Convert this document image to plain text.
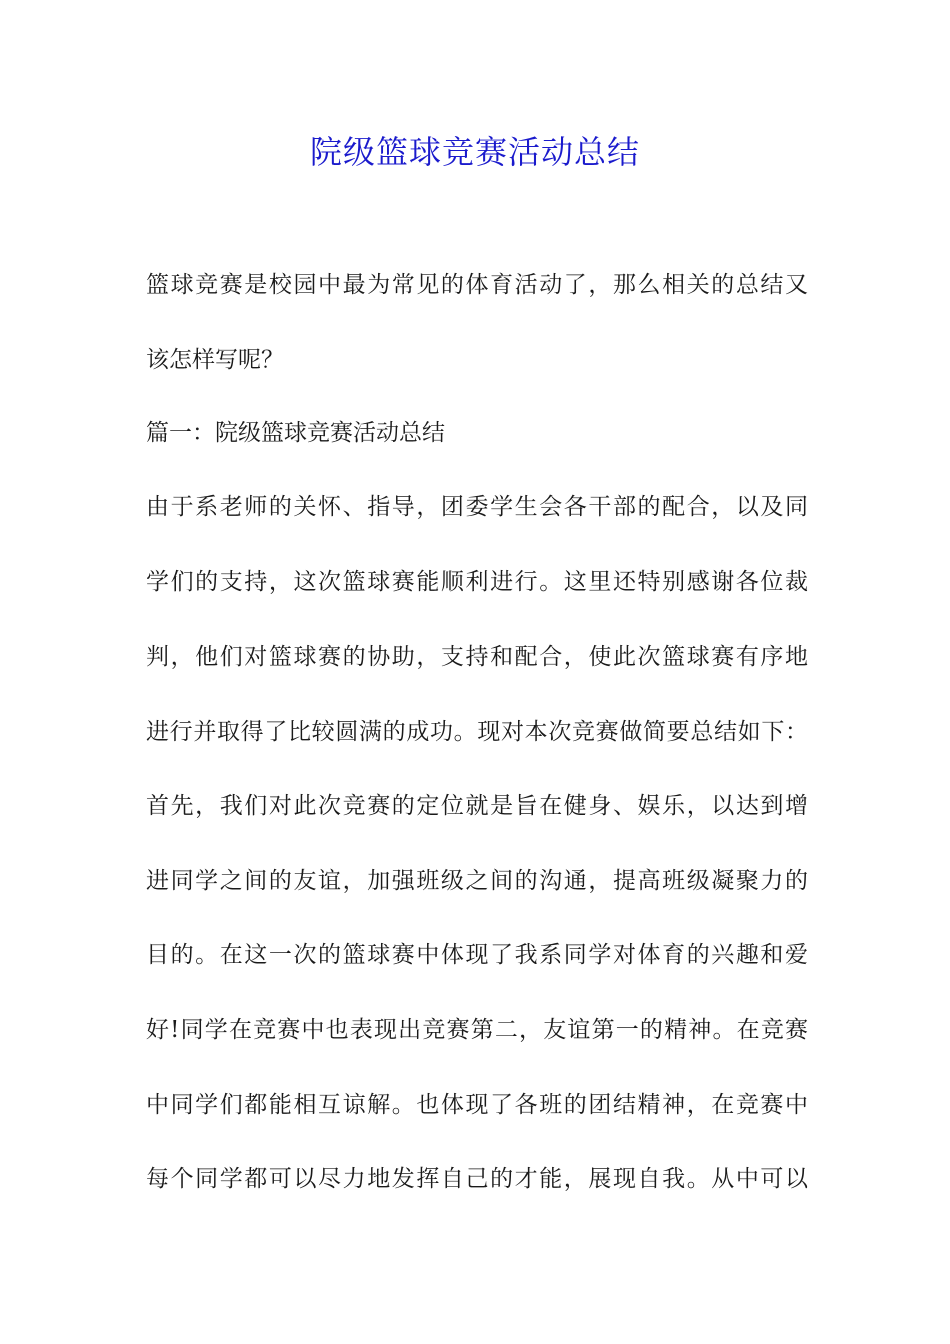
院级篮球竞赛活动总结

篮球竞赛是校园中最为常见的体育活动了，那么相关的总结又

该怎样写呢？

篇一：院级篮球竞赛活动总结

由于系老师的关怀、指导，团委学生会各干部的配合，以及同

学们的支持，这次篮球赛能顺利进行。这里还特别感谢各位裁

判，他们对篮球赛的协助，支持和配合，使此次篮球赛有序地

进行并取得了比较圆满的成功。现对本次竞赛做简要总结如下：

首先，我们对此次竞赛的定位就是旨在健身、娱乐，以达到增

进同学之间的友谊，加强班级之间的沟通，提高班级凝聚力的

目的。在这一次的篮球赛中体现了我系同学对体育的兴趣和爱

好!同学在竞赛中也表现出竞赛第二，友谊第一的精神。在竞赛

中同学们都能相互谅解。也体现了各班的团结精神，在竞赛中

每个同学都可以尽力地发挥自己的才能，展现自我。从中可以
